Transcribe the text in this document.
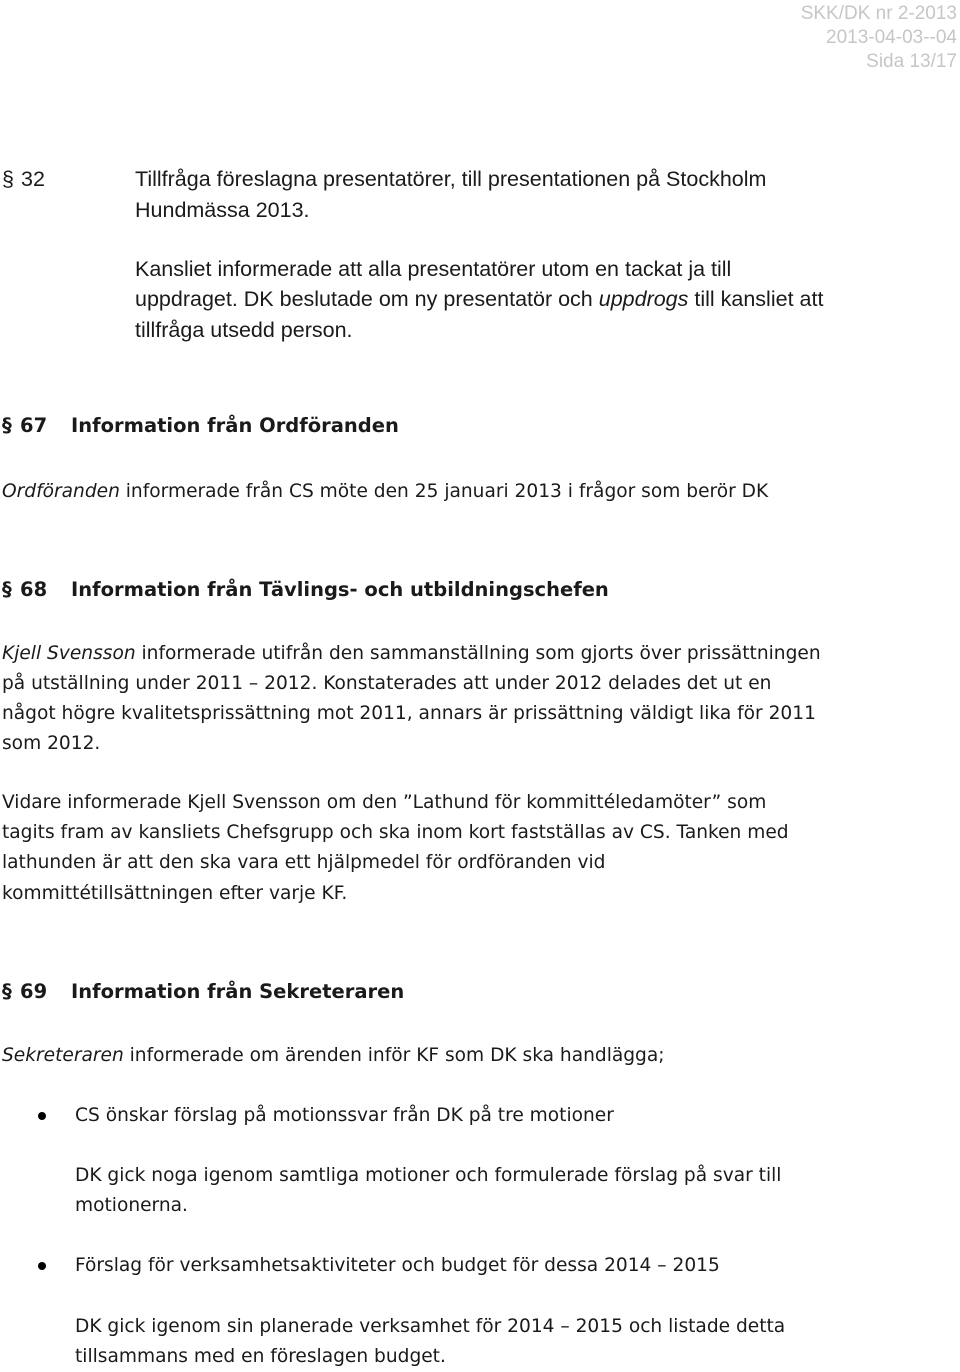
SKK/DK nr 2-2013
2013-04-03--04
Sida 13/17
§ 32	Tillfråga föreslagna presentatörer, till presentationen på Stockholm
Hundmässa 2013.
Kansliet informerade att alla presentatörer utom en tackat ja till
uppdraget. DK beslutade om ny presentatör och uppdrogs till kansliet att
tillfråga utsedd person.
§ 67 Information från Ordföranden
Ordföranden informerade från CS möte den 25 januari 2013 i frågor som berör DK
§ 68 Information från Tävlings- och utbildningschefen
Kjell Svensson informerade utifrån den sammanställning som gjorts över prissättningen
på utställning under 2011 – 2012. Konstaterades att under 2012 delades det ut en
något högre kvalitetsprissättning mot 2011, annars är prissättning väldigt lika för 2011
som 2012.
Vidare informerade Kjell Svensson om den ”Lathund för kommittéledamöter” som
tagits fram av kansliets Chefsgrupp och ska inom kort fastställas av CS. Tanken med
lathunden är att den ska vara ett hjälpmedel för ordföranden vid
kommittétillsättningen efter varje KF.
§ 69 Information från Sekreteraren
Sekreteraren informerade om ärenden inför KF som DK ska handlägga;
CS önskar förslag på motionssvar från DK på tre motioner
DK gick noga igenom samtliga motioner och formulerade förslag på svar till
motionerna.
Förslag för verksamhetsaktiviteter och budget för dessa 2014 – 2015
DK gick igenom sin planerade verksamhet för 2014 – 2015 och listade detta
tillsammans med en föreslagen budget.
